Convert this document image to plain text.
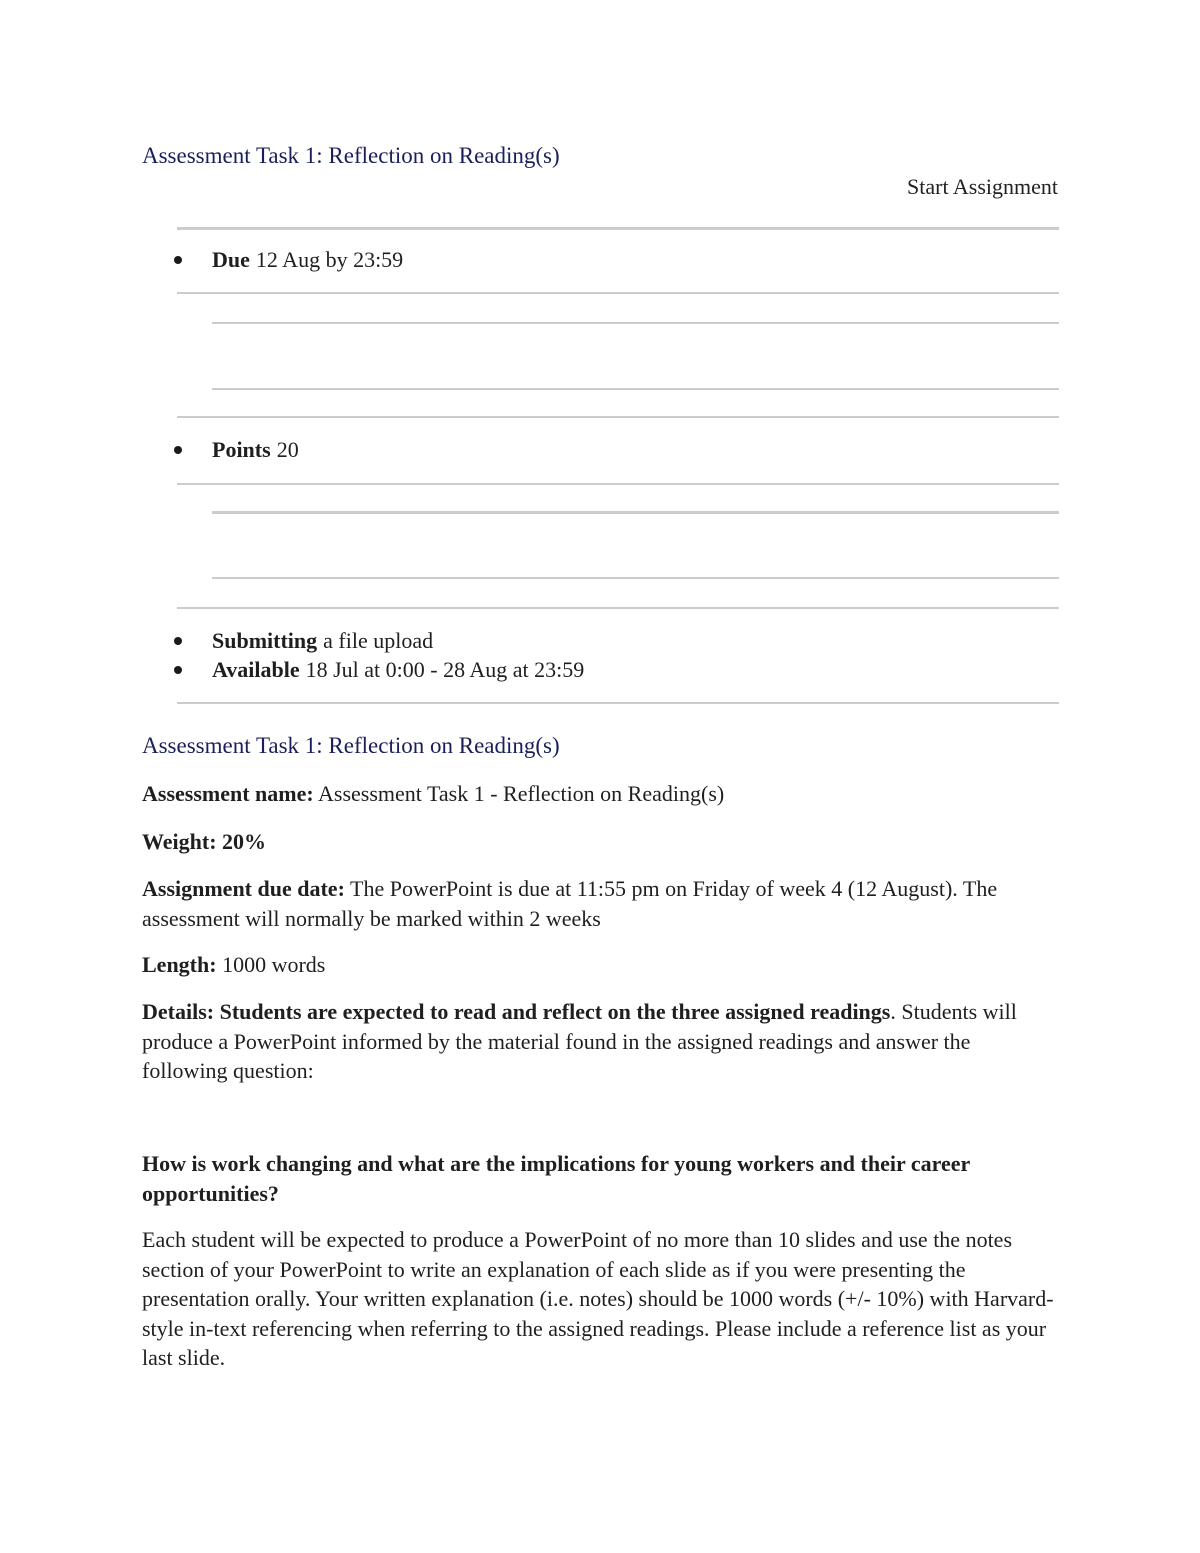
Assessment Task 1: Reflection on Reading(s)
Start Assignment
Due 12 Aug by 23:59
Points 20
Submitting a file upload
Available 18 Jul at 0:00 - 28 Aug at 23:59
Assessment Task 1: Reflection on Reading(s)
Assessment name: Assessment Task 1 - Reflection on Reading(s)
Weight: 20%
Assignment due date: The PowerPoint is due at 11:55 pm on Friday of week 4 (12 August). The assessment will normally be marked within 2 weeks
Length: 1000 words
Details: Students are expected to read and reflect on the three assigned readings. Students will produce a PowerPoint informed by the material found in the assigned readings and answer the following question:
How is work changing and what are the implications for young workers and their career opportunities?
Each student will be expected to produce a PowerPoint of no more than 10 slides and use the notes section of your PowerPoint to write an explanation of each slide as if you were presenting the presentation orally. Your written explanation (i.e. notes) should be 1000 words (+/- 10%) with Harvard-style in-text referencing when referring to the assigned readings. Please include a reference list as your last slide.
